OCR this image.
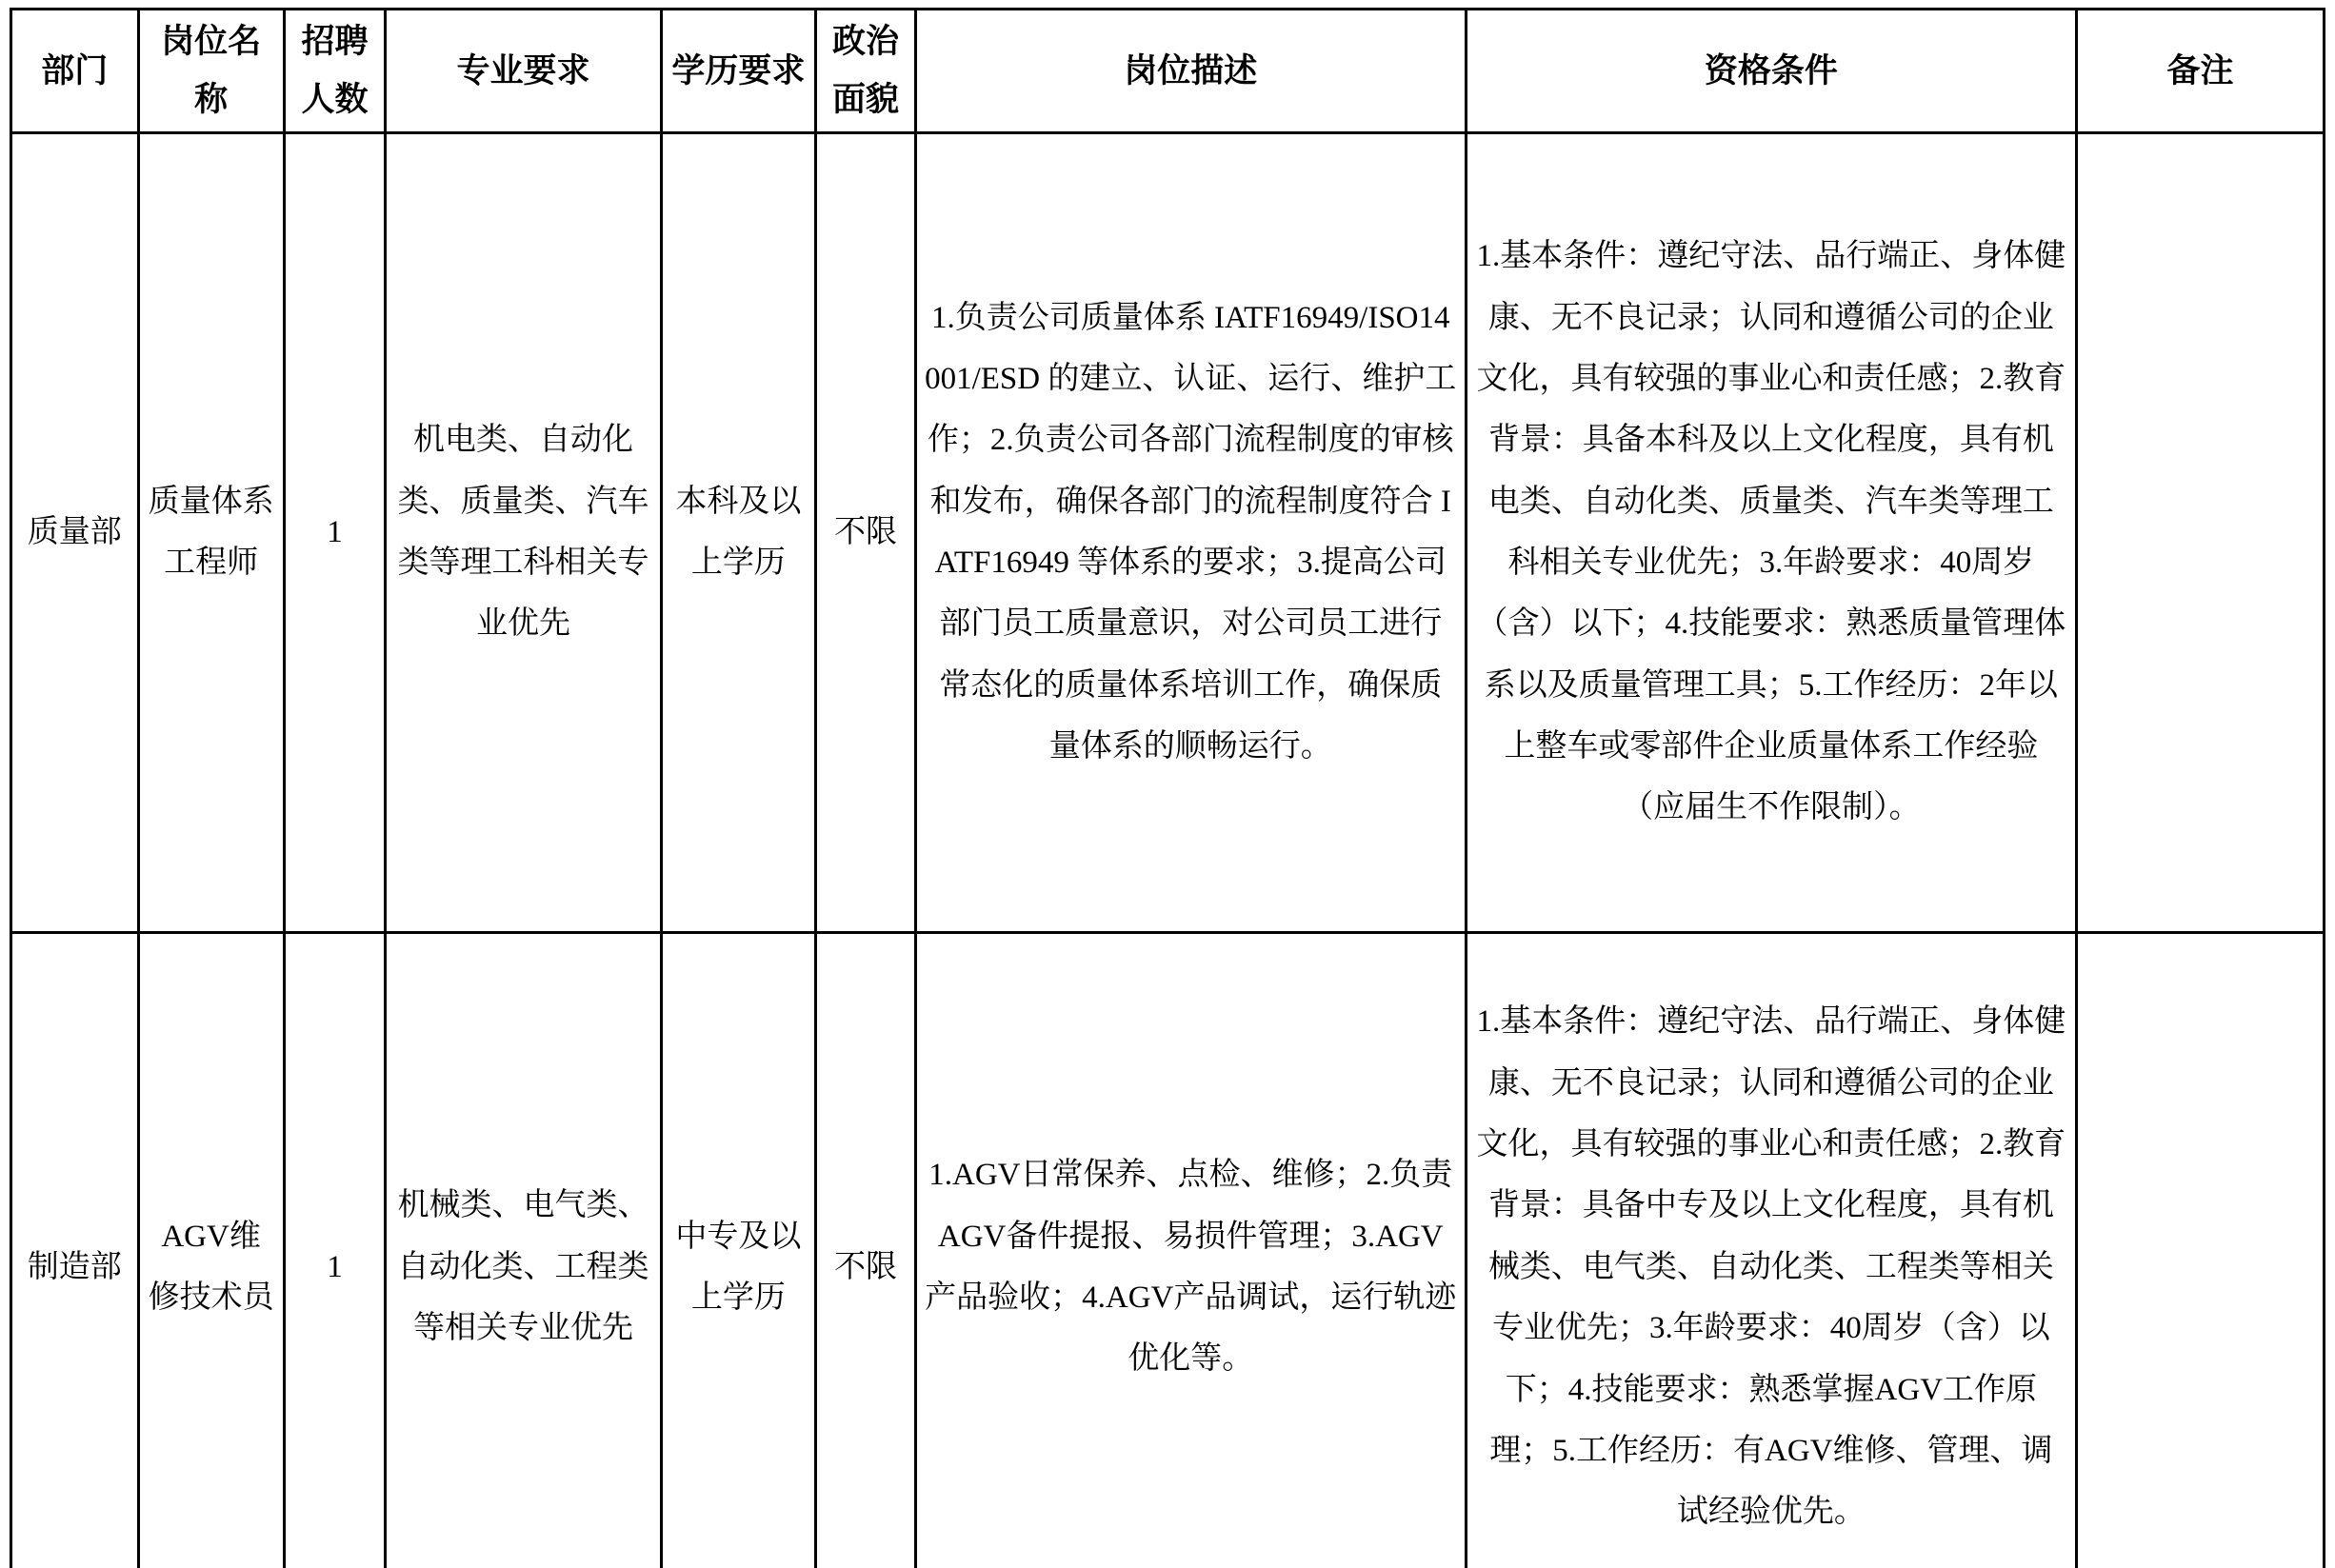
部门	岗位名称	招聘人数	专业要求	学历要求	政治面貌	岗位描述	资格条件	备注
质量部	质量体系工程师	1	机电类、自动化类、质量类、汽车类等理工科相关专业优先	本科及以上学历	不限	1.负责公司质量体系 IATF16949/ISO14001/ESD 的建立、认证、运行、维护工作；2.负责公司各部门流程制度的审核和发布，确保各部门的流程制度符合 IATF16949 等体系的要求；3.提高公司部门员工质量意识，对公司员工进行常态化的质量体系培训工作，确保质量体系的顺畅运行。	1.基本条件：遵纪守法、品行端正、身体健康、无不良记录；认同和遵循公司的企业文化，具有较强的事业心和责任感；2.教育背景：具备本科及以上文化程度，具有机电类、自动化类、质量类、汽车类等理工科相关专业优先；3.年龄要求：40周岁（含）以下；4.技能要求：熟悉质量管理体系以及质量管理工具；5.工作经历：2年以上整车或零部件企业质量体系工作经验（应届生不作限制）。	
制造部	AGV维修技术员	1	机械类、电气类、自动化类、工程类等相关专业优先	中专及以上学历	不限	1.AGV日常保养、点检、维修；2.负责AGV备件提报、易损件管理；3.AGV产品验收；4.AGV产品调试，运行轨迹优化等。	1.基本条件：遵纪守法、品行端正、身体健康、无不良记录；认同和遵循公司的企业文化，具有较强的事业心和责任感；2.教育背景：具备中专及以上文化程度，具有机械类、电气类、自动化类、工程类等相关专业优先；3.年龄要求：40周岁（含）以下；4.技能要求：熟悉掌握AGV工作原理；5.工作经历：有AGV维修、管理、调试经验优先。	
